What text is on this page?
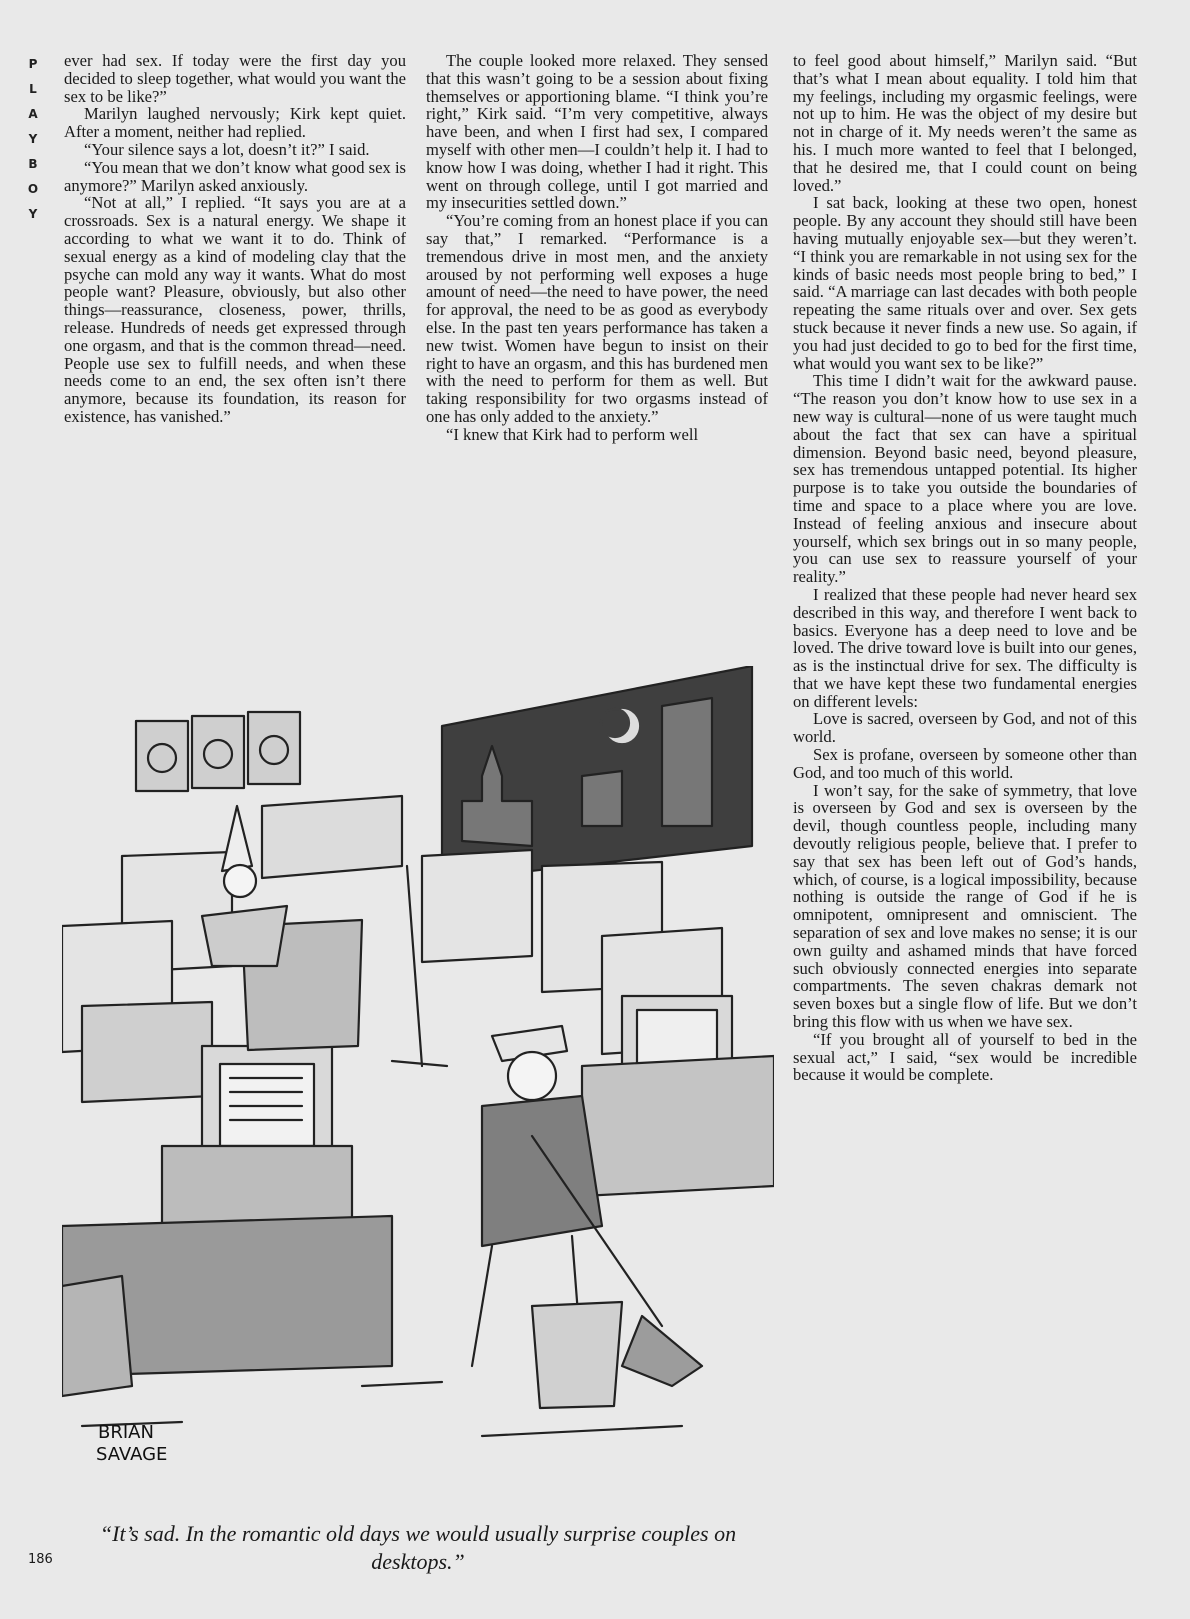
P
L
A
Y
B
O
Y

ever had sex. If today were the first day you decided to sleep together, what would you want the sex to be like?”

Marilyn laughed nervously; Kirk kept quiet. After a moment, neither had replied.

“Your silence says a lot, doesn’t it?” I said.

“You mean that we don’t know what good sex is anymore?” Marilyn asked anxiously.

“Not at all,” I replied. “It says you are at a crossroads. Sex is a natural energy. We shape it according to what we want it to do. Think of sexual energy as a kind of modeling clay that the psyche can mold any way it wants. What do most people want? Pleasure, obviously, but also other things—reassurance, closeness, power, thrills, release. Hundreds of needs get expressed through one orgasm, and that is the common thread—need. People use sex to fulfill needs, and when these needs come to an end, the sex often isn’t there anymore, because its foundation, its reason for existence, has vanished.”

The couple looked more relaxed. They sensed that this wasn’t going to be a session about fixing themselves or apportioning blame. “I think you’re right,” Kirk said. “I’m very competitive, always have been, and when I first had sex, I compared myself with other men—I couldn’t help it. I had to know how I was doing, whether I had it right. This went on through college, until I got married and my insecurities settled down.”

“You’re coming from an honest place if you can say that,” I remarked. “Performance is a tremendous drive in most men, and the anxiety aroused by not performing well exposes a huge amount of need—the need to have power, the need for approval, the need to be as good as everybody else. In the past ten years performance has taken a new twist. Women have begun to insist on their right to have an orgasm, and this has burdened men with the need to perform for them as well. But taking responsibility for two orgasms instead of one has only added to the anxiety.”

“I knew that Kirk had to perform well

to feel good about himself,” Marilyn said. “But that’s what I mean about equality. I told him that my feelings, including my orgasmic feelings, were not up to him. He was the object of my desire but not in charge of it. My needs weren’t the same as his. I much more wanted to feel that I belonged, that he desired me, that I could count on being loved.”

I sat back, looking at these two open, honest people. By any account they should still have been having mutually enjoyable sex—but they weren’t. “I think you are remarkable in not using sex for the kinds of basic needs most people bring to bed,” I said. “A marriage can last decades with both people repeating the same rituals over and over. Sex gets stuck because it never finds a new use. So again, if you had just decided to go to bed for the first time, what would you want sex to be like?”

This time I didn’t wait for the awkward pause. “The reason you don’t know how to use sex in a new way is cultural—none of us were taught much about the fact that sex can have a spiritual dimension. Beyond basic need, beyond pleasure, sex has tremendous untapped potential. Its higher purpose is to take you outside the boundaries of time and space to a place where you are love. Instead of feeling anxious and insecure about yourself, which sex brings out in so many people, you can use sex to reassure yourself of your reality.”

I realized that these people had never heard sex described in this way, and therefore I went back to basics. Everyone has a deep need to love and be loved. The drive toward love is built into our genes, as is the instinctual drive for sex. The difficulty is that we have kept these two fundamental energies on different levels:

Love is sacred, overseen by God, and not of this world.

Sex is profane, overseen by someone other than God, and too much of this world.

I won’t say, for the sake of symmetry, that love is overseen by God and sex is overseen by the devil, though countless people, including many devoutly religious people, believe that. I prefer to say that sex has been left out of God’s hands, which, of course, is a logical impossibility, because nothing is outside the range of God if he is omnipotent, omnipresent and omniscient. The separation of sex and love makes no sense; it is our own guilty and ashamed minds that have forced such obviously connected energies into separate compartments. The seven chakras demark not seven boxes but a single flow of life. But we don’t bring this flow with us when we have sex.

“If you brought all of yourself to bed in the sexual act,” I said, “sex would be incredible because it would be complete.

BRIAN
SAVAGE
“It’s sad. In the romantic old days we would usually surprise couples on desktops.”
186
